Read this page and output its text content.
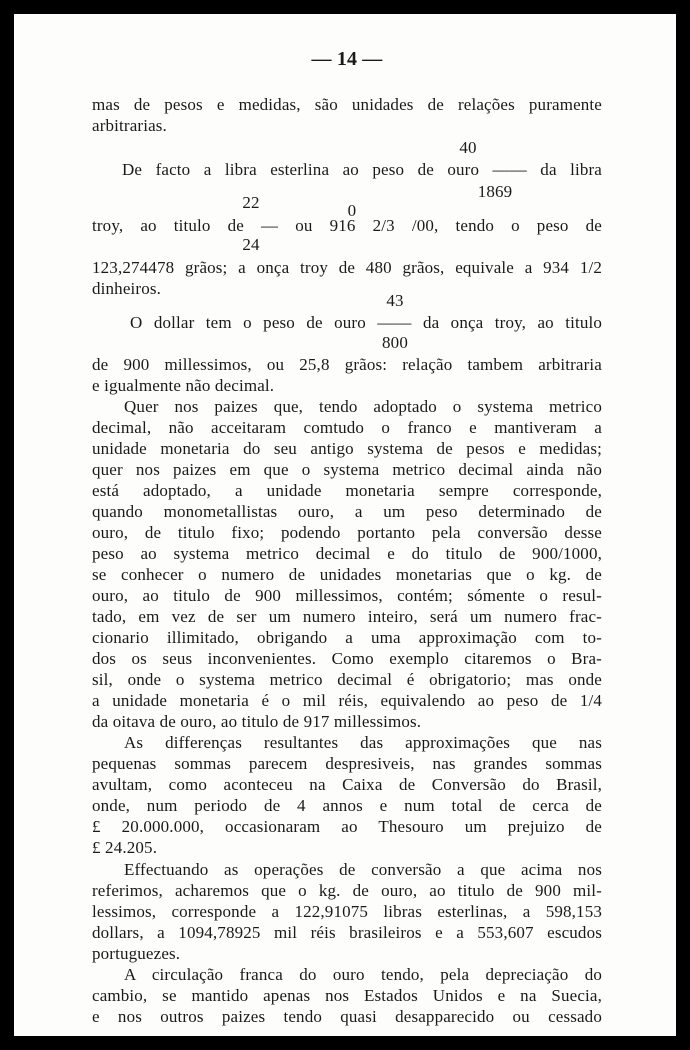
— 14 —
mas de pesos e medidas, são unidades de relações puramente
arbitrarias.
40
De facto a libra esterlina ao peso de ouro —— da libra
1869
22	0
troy, ao titulo de — ou 916 2/3 /00, tendo o peso de
24
123,274478 grãos; a onça troy de 480 grãos, equivale a 934 1/2
dinheiros.
43
O dollar tem o peso de ouro —— da onça troy, ao titulo
800
de 900 millessimos, ou 25,8 grãos: relação tambem arbitraria
e igualmente não decimal.
Quer nos paizes que, tendo adoptado o systema metrico
decimal, não acceitaram comtudo o franco e mantiveram a
unidade monetaria do seu antigo systema de pesos e medidas;
quer nos paizes em que o systema metrico decimal ainda não
está adoptado, a unidade monetaria sempre corresponde,
quando monometallistas ouro, a um peso determinado de
ouro, de titulo fixo; podendo portanto pela conversão desse
peso ao systema metrico decimal e do titulo de 900/1000,
se conhecer o numero de unidades monetarias que o kg. de
ouro, ao titulo de 900 millessimos, contém; sómente o resul-
tado, em vez de ser um numero inteiro, será um numero frac-
cionario illimitado, obrigando a uma approximação com to-
dos os seus inconvenientes. Como exemplo citaremos o Bra-
sil, onde o systema metrico decimal é obrigatorio; mas onde
a unidade monetaria é o mil réis, equivalendo ao peso de 1/4
da oitava de ouro, ao titulo de 917 millessimos.
As differenças resultantes das approximações que nas
pequenas sommas parecem despresiveis, nas grandes sommas
avultam, como aconteceu na Caixa de Conversão do Brasil,
onde, num periodo de 4 annos e num total de cerca de
£ 20.000.000, occasionaram ao Thesouro um prejuizo de
£ 24.205.
Effectuando as operações de conversão a que acima nos
referimos, acharemos que o kg. de ouro, ao titulo de 900 mil-
lessimos, corresponde a 122,91075 libras esterlinas, a 598,153
dollars, a 1094,78925 mil réis brasileiros e a 553,607 escudos
portuguezes.
A circulação franca do ouro tendo, pela depreciação do
cambio, se mantido apenas nos Estados Unidos e na Suecia,
e nos outros paizes tendo quasi desapparecido ou cessado
